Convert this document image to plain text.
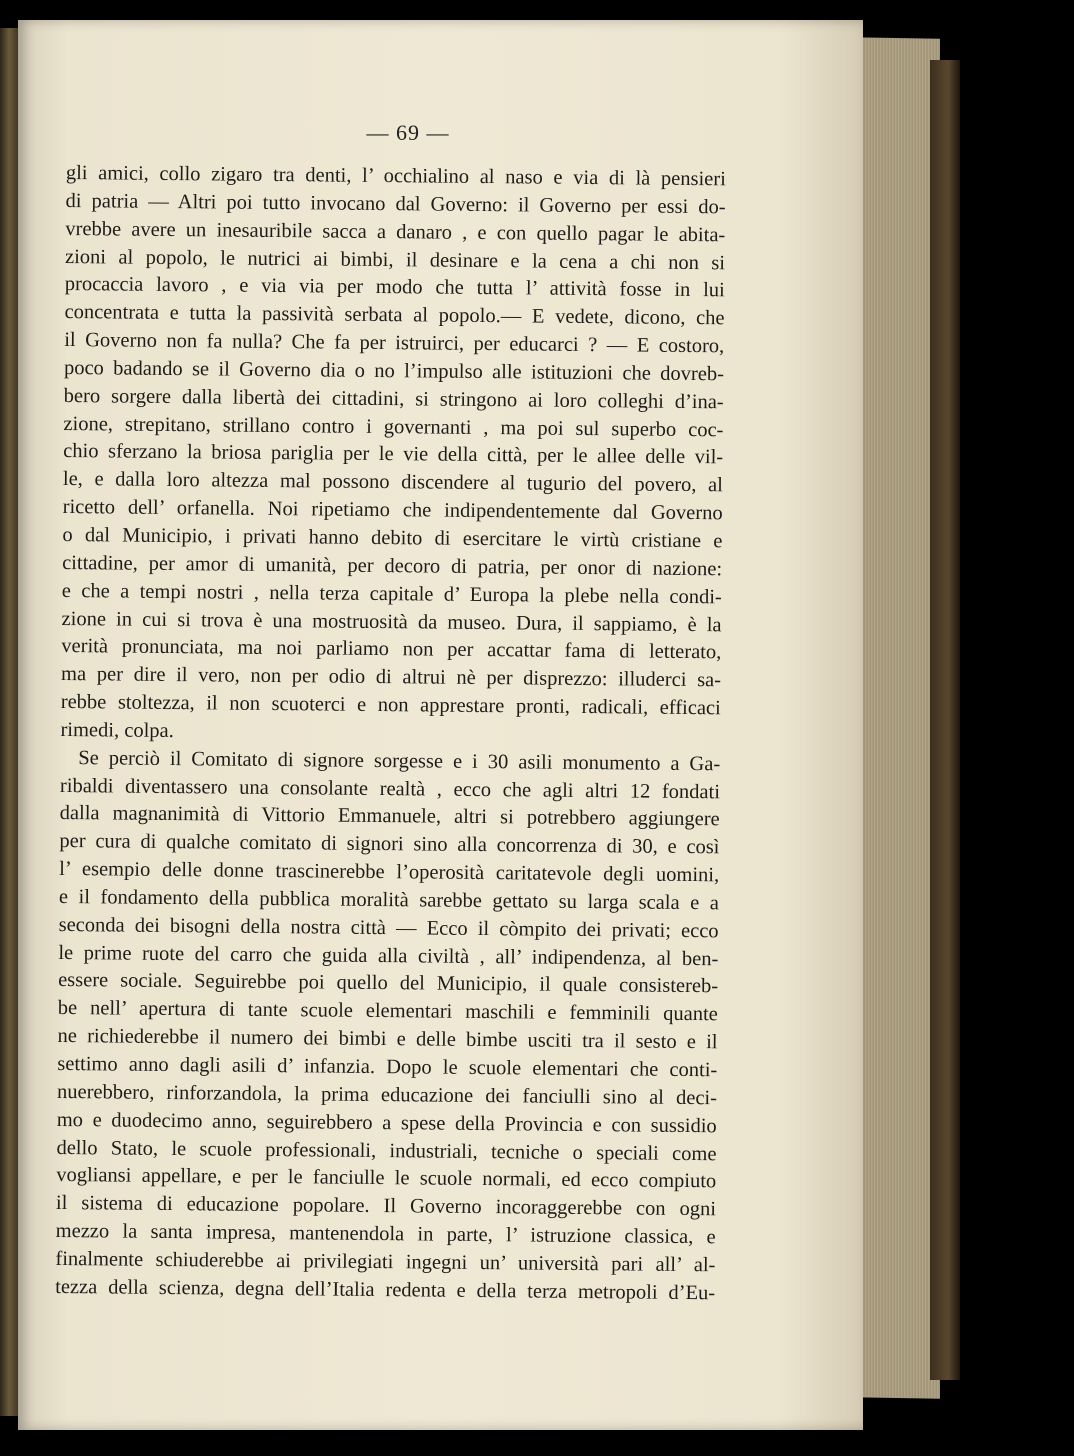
— 69 —
gli amici, collo zigaro tra denti, l’ occhialino al naso e via di là pensieri
di patria — Altri poi tutto invocano dal Governo: il Governo per essi do-
vrebbe avere un inesauribile sacca a danaro , e con quello pagar le abita-
zioni al popolo, le nutrici ai bimbi, il desinare e la cena a chi non si
procaccia lavoro , e via via per modo che tutta l’ attività fosse in lui
concentrata e tutta la passività serbata al popolo.— E vedete, dicono, che
il Governo non fa nulla? Che fa per istruirci, per educarci ? — E costoro,
poco badando se il Governo dia o no l’impulso alle istituzioni che dovreb-
bero sorgere dalla libertà dei cittadini, si stringono ai loro colleghi d’ina-
zione, strepitano, strillano contro i governanti , ma poi sul superbo coc-
chio sferzano la briosa pariglia per le vie della città, per le allee delle vil-
le, e dalla loro altezza mal possono discendere al tugurio del povero, al
ricetto dell’ orfanella. Noi ripetiamo che indipendentemente dal Governo
o dal Municipio, i privati hanno debito di esercitare le virtù cristiane e
cittadine, per amor di umanità, per decoro di patria, per onor di nazione:
e che a tempi nostri , nella terza capitale d’ Europa la plebe nella condi-
zione in cui si trova è una mostruosità da museo. Dura, il sappiamo, è la
verità pronunciata, ma noi parliamo non per accattar fama di letterato,
ma per dire il vero, non per odio di altrui nè per disprezzo: illuderci sa-
rebbe stoltezza, il non scuoterci e non apprestare pronti, radicali, efficaci
rimedi, colpa.
Se perciò il Comitato di signore sorgesse e i 30 asili monumento a Ga-
ribaldi diventassero una consolante realtà , ecco che agli altri 12 fondati
dalla magnanimità di Vittorio Emmanuele, altri si potrebbero aggiungere
per cura di qualche comitato di signori sino alla concorrenza di 30, e così
l’ esempio delle donne trascinerebbe l’operosità caritatevole degli uomini,
e il fondamento della pubblica moralità sarebbe gettato su larga scala e a
seconda dei bisogni della nostra città — Ecco il còmpito dei privati; ecco
le prime ruote del carro che guida alla civiltà , all’ indipendenza, al ben-
essere sociale. Seguirebbe poi quello del Municipio, il quale consistereb-
be nell’ apertura di tante scuole elementari maschili e femminili quante
ne richiederebbe il numero dei bimbi e delle bimbe usciti tra il sesto e il
settimo anno dagli asili d’ infanzia. Dopo le scuole elementari che conti-
nuerebbero, rinforzandola, la prima educazione dei fanciulli sino al deci-
mo e duodecimo anno, seguirebbero a spese della Provincia e con sussidio
dello Stato, le scuole professionali, industriali, tecniche o speciali come
vogliansi appellare, e per le fanciulle le scuole normali, ed ecco compiuto
il sistema di educazione popolare. Il Governo incoraggerebbe con ogni
mezzo la santa impresa, mantenendola in parte, l’ istruzione classica, e
finalmente schiuderebbe ai privilegiati ingegni un’ università pari all’ al-
tezza della scienza, degna dell’Italia redenta e della terza metropoli d’Eu-
